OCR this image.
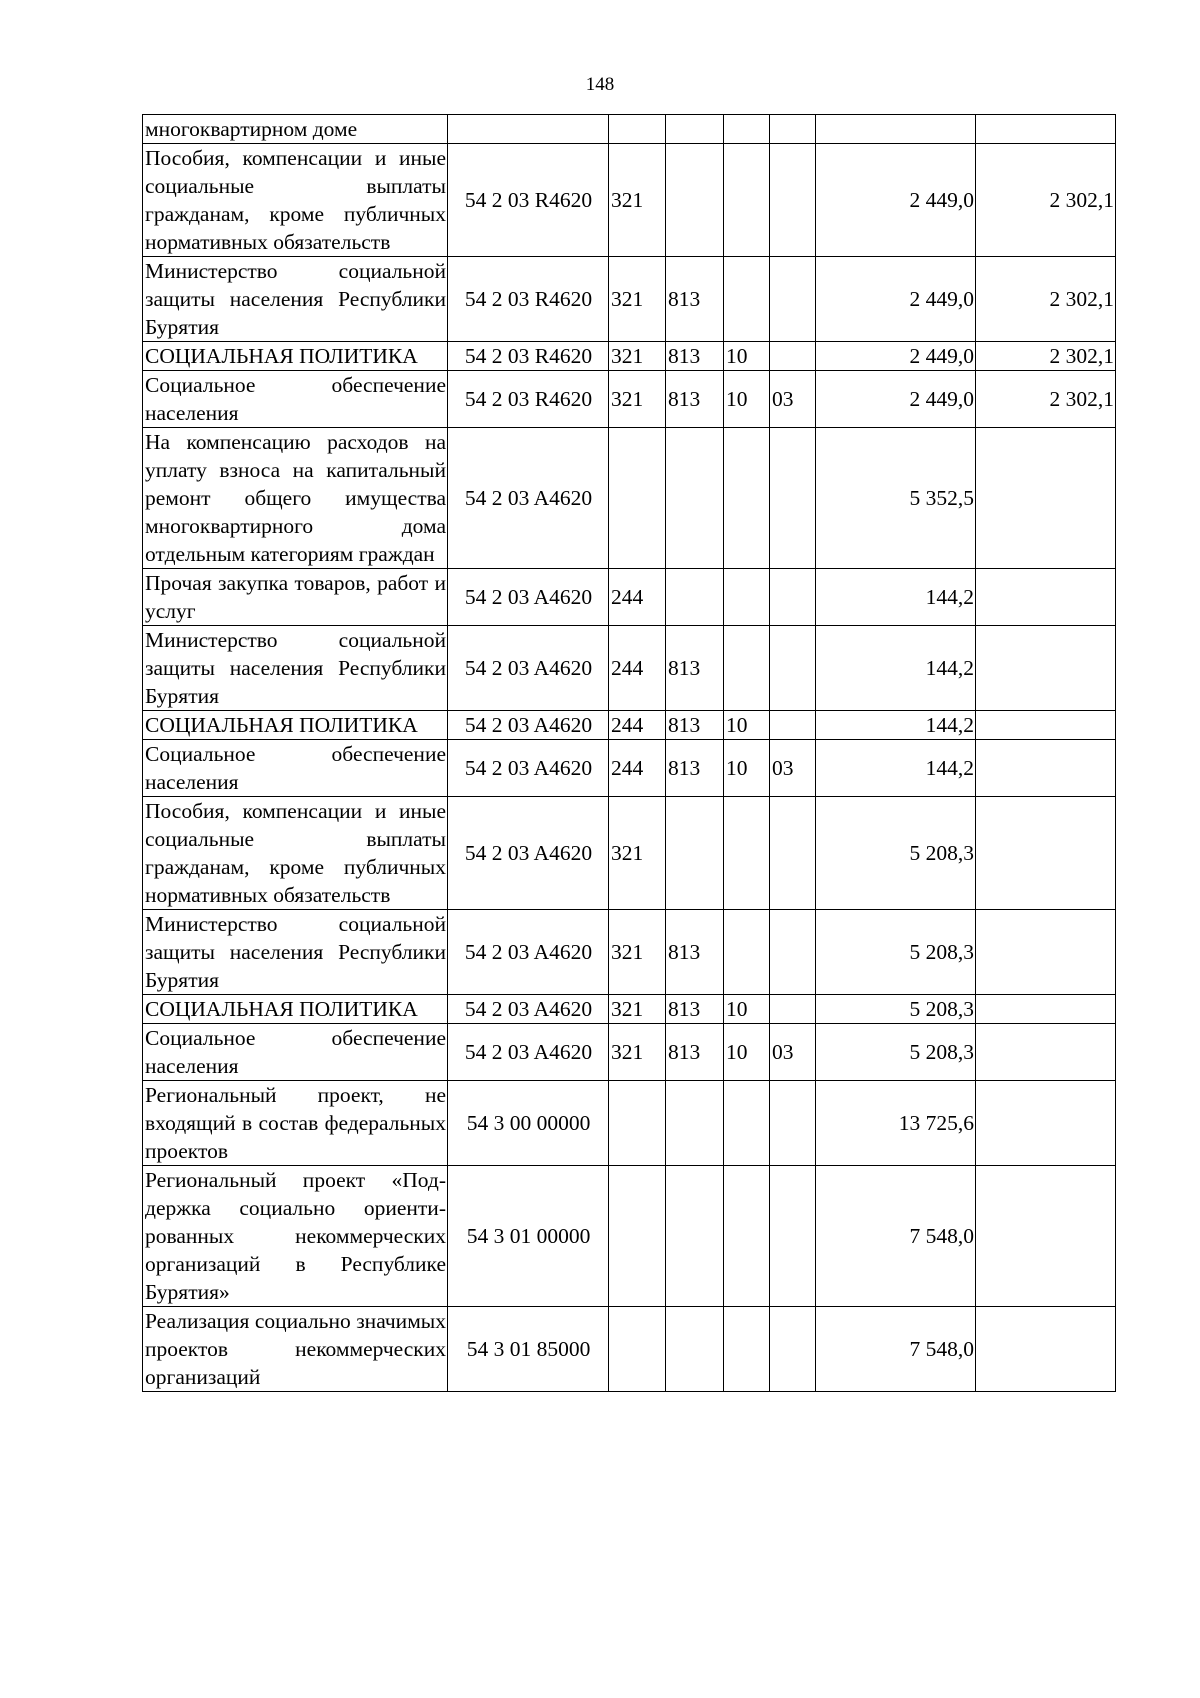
148
многоквартирном доме							
Пособия, компенсации и иные социальные выплаты гражданам, кроме публичных нормативных обязательств	54 2 03 R4620	321				2 449,0	2 302,1
Министерство социальной защиты населения Республики Бурятия	54 2 03 R4620	321	813			2 449,0	2 302,1
СОЦИАЛЬНАЯ ПОЛИТИКА	54 2 03 R4620	321	813	10		2 449,0	2 302,1
Социальное обеспечение населения	54 2 03 R4620	321	813	10	03	2 449,0	2 302,1
На компенсацию расходов на уплату взноса на капитальный ремонт общего имущества многоквартирного дома отдельным категориям граждан	54 2 03 A4620					5 352,5	
Прочая закупка товаров, работ и услуг	54 2 03 A4620	244				144,2	
Министерство социальной защиты населения Республики Бурятия	54 2 03 A4620	244	813			144,2	
СОЦИАЛЬНАЯ ПОЛИТИКА	54 2 03 A4620	244	813	10		144,2	
Социальное обеспечение населения	54 2 03 A4620	244	813	10	03	144,2	
Пособия, компенсации и иные социальные выплаты гражданам, кроме публичных нормативных обязательств	54 2 03 A4620	321				5 208,3	
Министерство социальной защиты населения Республики Бурятия	54 2 03 A4620	321	813			5 208,3	
СОЦИАЛЬНАЯ ПОЛИТИКА	54 2 03 A4620	321	813	10		5 208,3	
Социальное обеспечение населения	54 2 03 A4620	321	813	10	03	5 208,3	
Региональный проект, не входящий в состав федеральных проектов	54 3 00 00000					13 725,6	
Региональный проект «Поддержка социально ориентированных некоммерческих организаций в Республике Бурятия»	54 3 01 00000					7 548,0	
Реализация социально значимых проектов некоммерческих организаций	54 3 01 85000					7 548,0	
